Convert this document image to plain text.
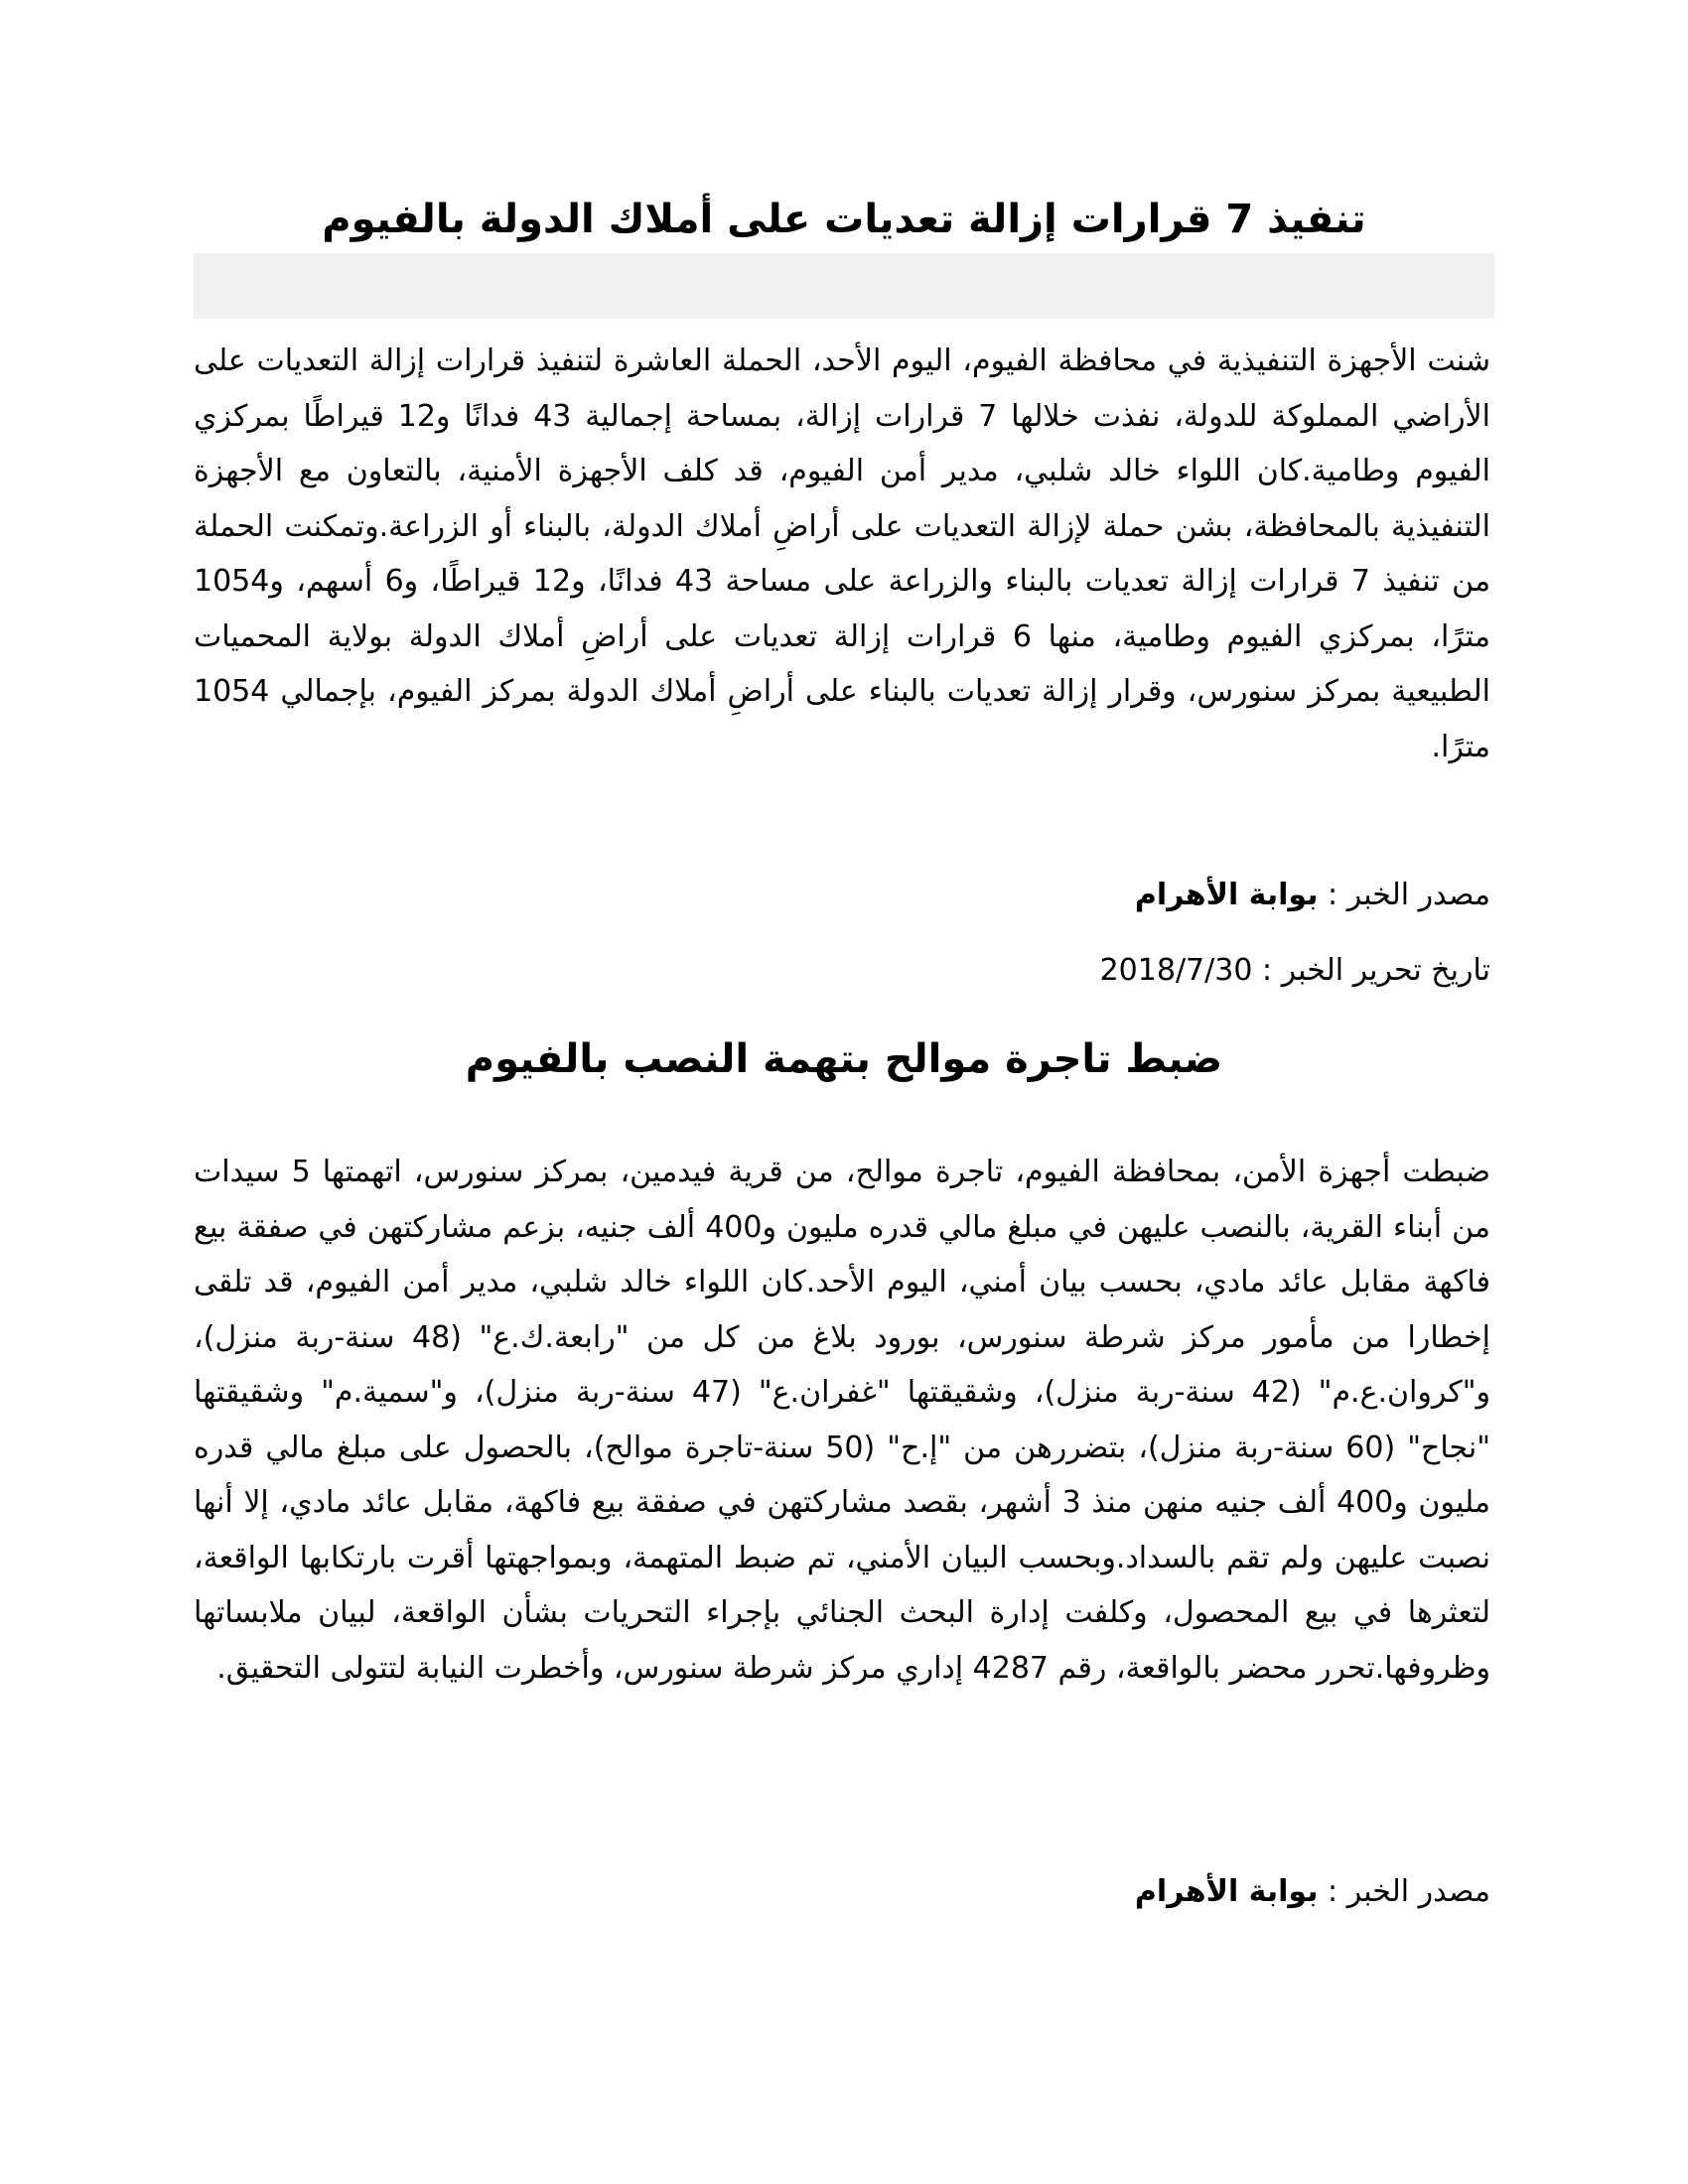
تنفيذ 7 قرارات إزالة تعديات على أملاك الدولة بالفيوم

شنت الأجهزة التنفيذية في محافظة الفيوم، اليوم الأحد، الحملة العاشرة لتنفيذ قرارات إزالة التعديات على الأراضي المملوكة للدولة، نفذت خلالها 7 قرارات إزالة، بمساحة إجمالية 43 فدانًا و12 قيراطًا بمركزي الفيوم وطامية.كان اللواء خالد شلبي، مدير أمن الفيوم، قد كلف الأجهزة الأمنية، بالتعاون مع الأجهزة التنفيذية بالمحافظة، بشن حملة لإزالة التعديات على أراضِ أملاك الدولة، بالبناء أو الزراعة.وتمكنت الحملة من تنفيذ 7 قرارات إزالة تعديات بالبناء والزراعة على مساحة 43 فدانًا، و12 قيراطًا، و6 أسهم، و1054 مترًا، بمركزي الفيوم وطامية، منها 6 قرارات إزالة تعديات على أراضِ أملاك الدولة بولاية المحميات الطبيعية بمركز سنورس، وقرار إزالة تعديات بالبناء على أراضِ أملاك الدولة بمركز الفيوم، بإجمالي 1054 مترًا.

مصدر الخبر : بوابة الأهرام

تاريخ تحرير الخبر : 2018/7/30

ضبط تاجرة موالح بتهمة النصب بالفيوم

ضبطت أجهزة الأمن، بمحافظة الفيوم، تاجرة موالح، من قرية فيدمين، بمركز سنورس، اتهمتها 5 سيدات من أبناء القرية، بالنصب عليهن في مبلغ مالي قدره مليون و400 ألف جنيه، بزعم مشاركتهن في صفقة بيع فاكهة مقابل عائد مادي، بحسب بيان أمني، اليوم الأحد.كان اللواء خالد شلبي، مدير أمن الفيوم، قد تلقى إخطارا من مأمور مركز شرطة سنورس، بورود بلاغ من كل من "رابعة.ك.ع" (48 سنة-ربة منزل)، و"كروان.ع.م" (42 سنة-ربة منزل)، وشقيقتها "غفران.ع" (47 سنة-ربة منزل)، و"سمية.م" وشقيقتها "نجاح" (60 سنة-ربة منزل)، بتضررهن من "إ.ح" (50 سنة-تاجرة موالح)، بالحصول على مبلغ مالي قدره مليون و400 ألف جنيه منهن منذ 3 أشهر، بقصد مشاركتهن في صفقة بيع فاكهة، مقابل عائد مادي، إلا أنها نصبت عليهن ولم تقم بالسداد.وبحسب البيان الأمني، تم ضبط المتهمة، وبمواجهتها أقرت بارتكابها الواقعة، لتعثرها في بيع المحصول، وكلفت إدارة البحث الجنائي بإجراء التحريات بشأن الواقعة، لبيان ملابساتها وظروفها.تحرر محضر بالواقعة، رقم 4287 إداري مركز شرطة سنورس، وأخطرت النيابة لتتولى التحقيق.

مصدر الخبر : بوابة الأهرام
